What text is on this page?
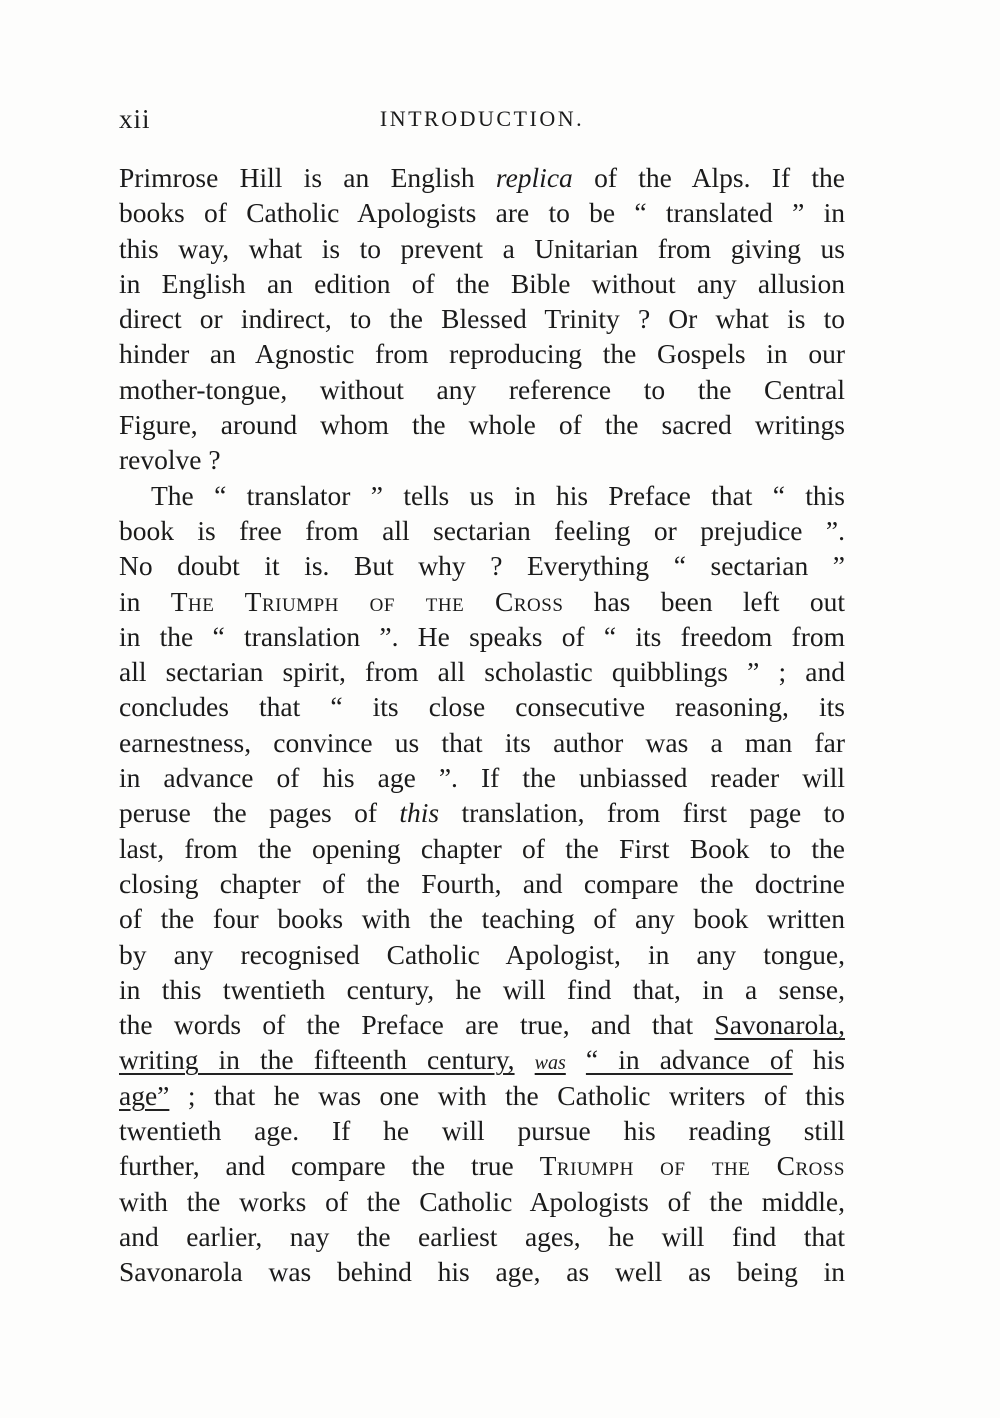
xii	INTRODUCTION.
Primrose Hill is an English replica of the Alps. If the
books of Catholic Apologists are to be “ translated ” in
this way, what is to prevent a Unitarian from giving us
in English an edition of the Bible without any allusion
direct or indirect, to the Blessed Trinity ? Or what is to
hinder an Agnostic from reproducing the Gospels in our
mother-tongue, without any reference to the Central
Figure, around whom the whole of the sacred writings
revolve ?
The “ translator ” tells us in his Preface that “ this
book is free from all sectarian feeling or prejudice ”.
No doubt it is. But why ? Everything “ sectarian ”
in The Triumph of the Cross has been left out
in the “ translation ”. He speaks of “ its freedom from
all sectarian spirit, from all scholastic quibblings ” ; and
concludes that “ its close consecutive reasoning, its
earnestness, convince us that its author was a man far
in advance of his age ”. If the unbiassed reader will
peruse the pages of this translation, from first page to
last, from the opening chapter of the First Book to the
closing chapter of the Fourth, and compare the doctrine
of the four books with the teaching of any book written
by any recognised Catholic Apologist, in any tongue,
in this twentieth century, he will find that, in a sense,
the words of the Preface are true, and that Savonarola,
writing in the fifteenth century, was “ in advance of his
age” ; that he was one with the Catholic writers of this
twentieth age. If he will pursue his reading still
further, and compare the true Triumph of the Cross
with the works of the Catholic Apologists of the middle,
and earlier, nay the earliest ages, he will find that
Savonarola was behind his age, as well as being in
